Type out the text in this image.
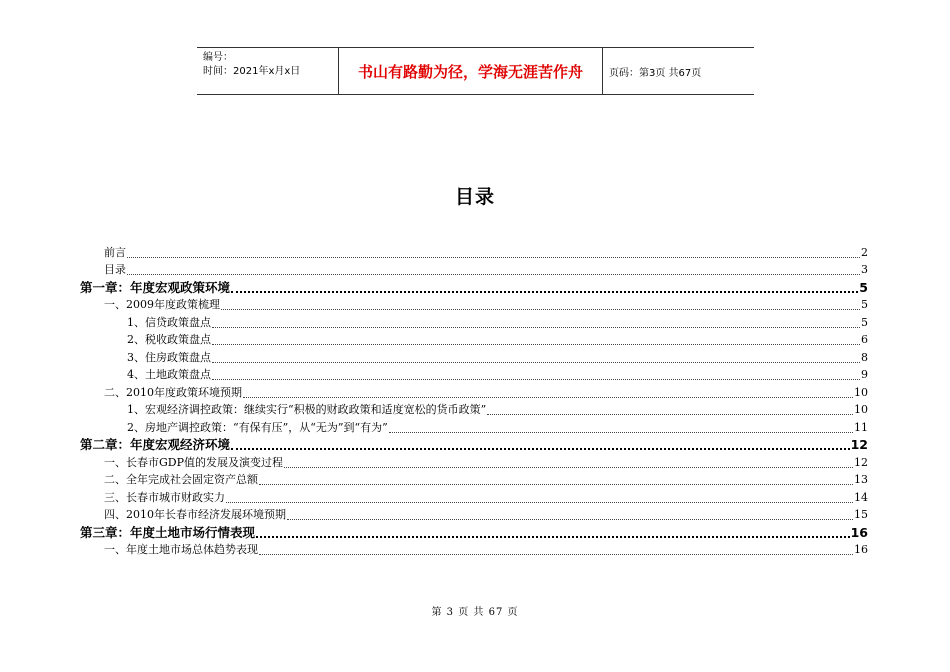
编号：
时间：2021年x月x日	书山有路勤为径，学海无涯苦作舟	页码：第3页 共67页
目录
前言	2
目录	3
第一章：年度宏观政策环境	5
一、2009年度政策梳理	5
1、信贷政策盘点	5
2、税收政策盘点	6
3、住房政策盘点	8
4、土地政策盘点	9
二、2010年度政策环境预期	10
1、宏观经济调控政策：继续实行“积极的财政政策和适度宽松的货币政策”	10
2、房地产调控政策：“有保有压”，从“无为”到“有为”	11
第二章：年度宏观经济环境	12
一、长春市GDP值的发展及演变过程	12
二、全年完成社会固定资产总额	13
三、长春市城市财政实力	14
四、2010年长春市经济发展环境预期	15
第三章：年度土地市场行情表现	16
一、年度土地市场总体趋势表现	16
第 3 页 共 67 页
